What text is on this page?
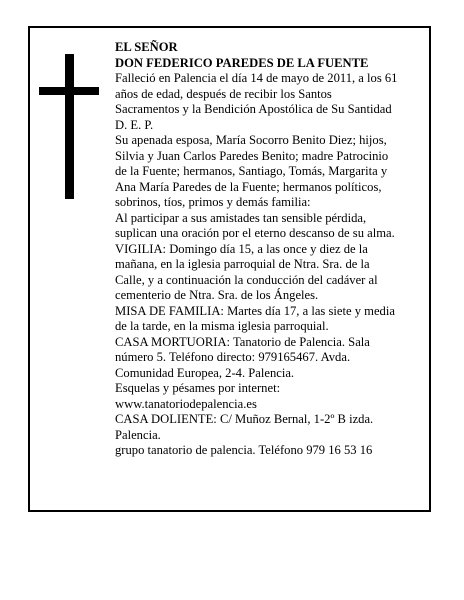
EL SEÑOR

DON FEDERICO PAREDES DE LA FUENTE

Falleció en Palencia el día 14 de mayo de 2011, a los 61

años de edad, después de recibir los Santos

Sacramentos y la Bendición Apostólica de Su Santidad

D. E. P.

Su apenada esposa, María Socorro Benito Diez; hijos,

Silvia y Juan Carlos Paredes Benito; madre Patrocinio

de la Fuente; hermanos, Santiago, Tomás, Margarita y

Ana María Paredes de la Fuente; hermanos políticos,

sobrinos, tíos, primos y demás familia:

Al participar a sus amistades tan sensible pérdida,

suplican una oración por el eterno descanso de su alma.

VIGILIA: Domingo día 15, a las once y diez de la

mañana, en la iglesia parroquial de Ntra. Sra. de la

Calle, y a continuación la conducción del cadáver al

cementerio de Ntra. Sra. de los Ángeles.

MISA DE FAMILIA: Martes día 17, a las siete y media

de la tarde, en la misma iglesia parroquial.

CASA MORTUORIA: Tanatorio de Palencia. Sala

número 5. Teléfono directo: 979165467. Avda.

Comunidad Europea, 2-4. Palencia.

Esquelas y pésames por internet:

www.tanatoriodepalencia.es

CASA DOLIENTE: C/ Muñoz Bernal, 1-2º B izda.

Palencia.

grupo tanatorio de palencia. Teléfono 979 16 53 16
